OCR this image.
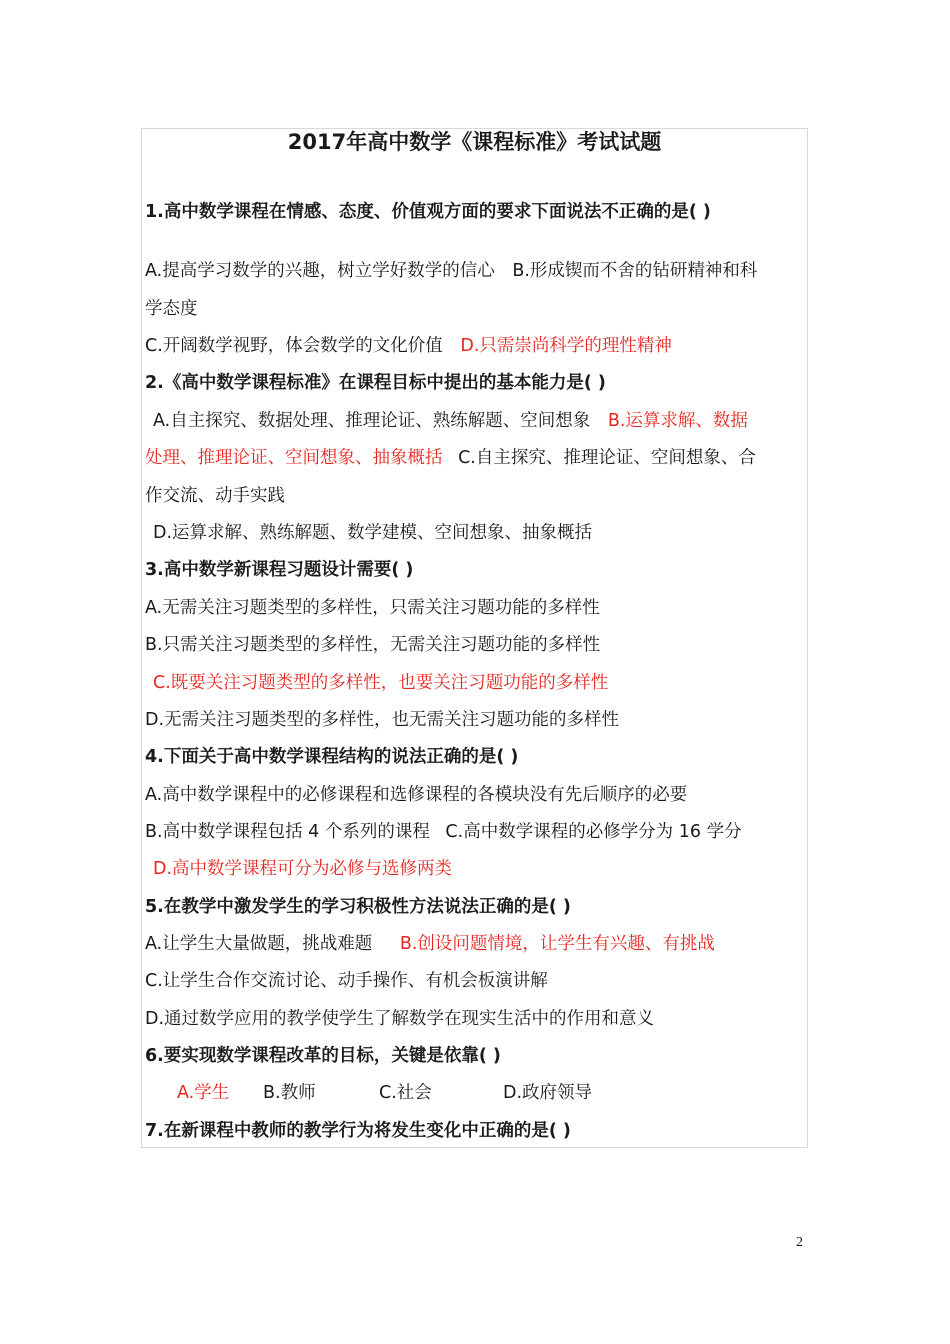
2017年高中数学《课程标准》考试试题
1.高中数学课程在情感、态度、价值观方面的要求下面说法不正确的是( )
A.提高学习数学的兴趣，树立学好数学的信心 B.形成锲而不舍的钻研精神和科
学态度
C.开阔数学视野，体会数学的文化价值 D.只需崇尚科学的理性精神
2.《高中数学课程标准》在课程目标中提出的基本能力是( )
A.自主探究、数据处理、推理论证、熟练解题、空间想象 B.运算求解、数据
处理、推理论证、空间想象、抽象概括 C.自主探究、推理论证、空间想象、合
作交流、动手实践
D.运算求解、熟练解题、数学建模、空间想象、抽象概括
3.高中数学新课程习题设计需要( )
A.无需关注习题类型的多样性，只需关注习题功能的多样性
B.只需关注习题类型的多样性，无需关注习题功能的多样性
C.既要关注习题类型的多样性，也要关注习题功能的多样性
D.无需关注习题类型的多样性，也无需关注习题功能的多样性
4.下面关于高中数学课程结构的说法正确的是( )
A.高中数学课程中的必修课程和选修课程的各模块没有先后顺序的必要
B.高中数学课程包括 4 个系列的课程 C.高中数学课程的必修学分为 16 学分
D.高中数学课程可分为必修与选修两类
5.在教学中激发学生的学习积极性方法说法正确的是( )
A.让学生大量做题，挑战难题 B.创设问题情境，让学生有兴趣、有挑战
C.让学生合作交流讨论、动手操作、有机会板演讲解
D.通过数学应用的教学使学生了解数学在现实生活中的作用和意义
6.要实现数学课程改革的目标，关键是依靠( )
A.学生 B.教师	C.社会	D.政府领导
7.在新课程中教师的教学行为将发生变化中正确的是( )
2
